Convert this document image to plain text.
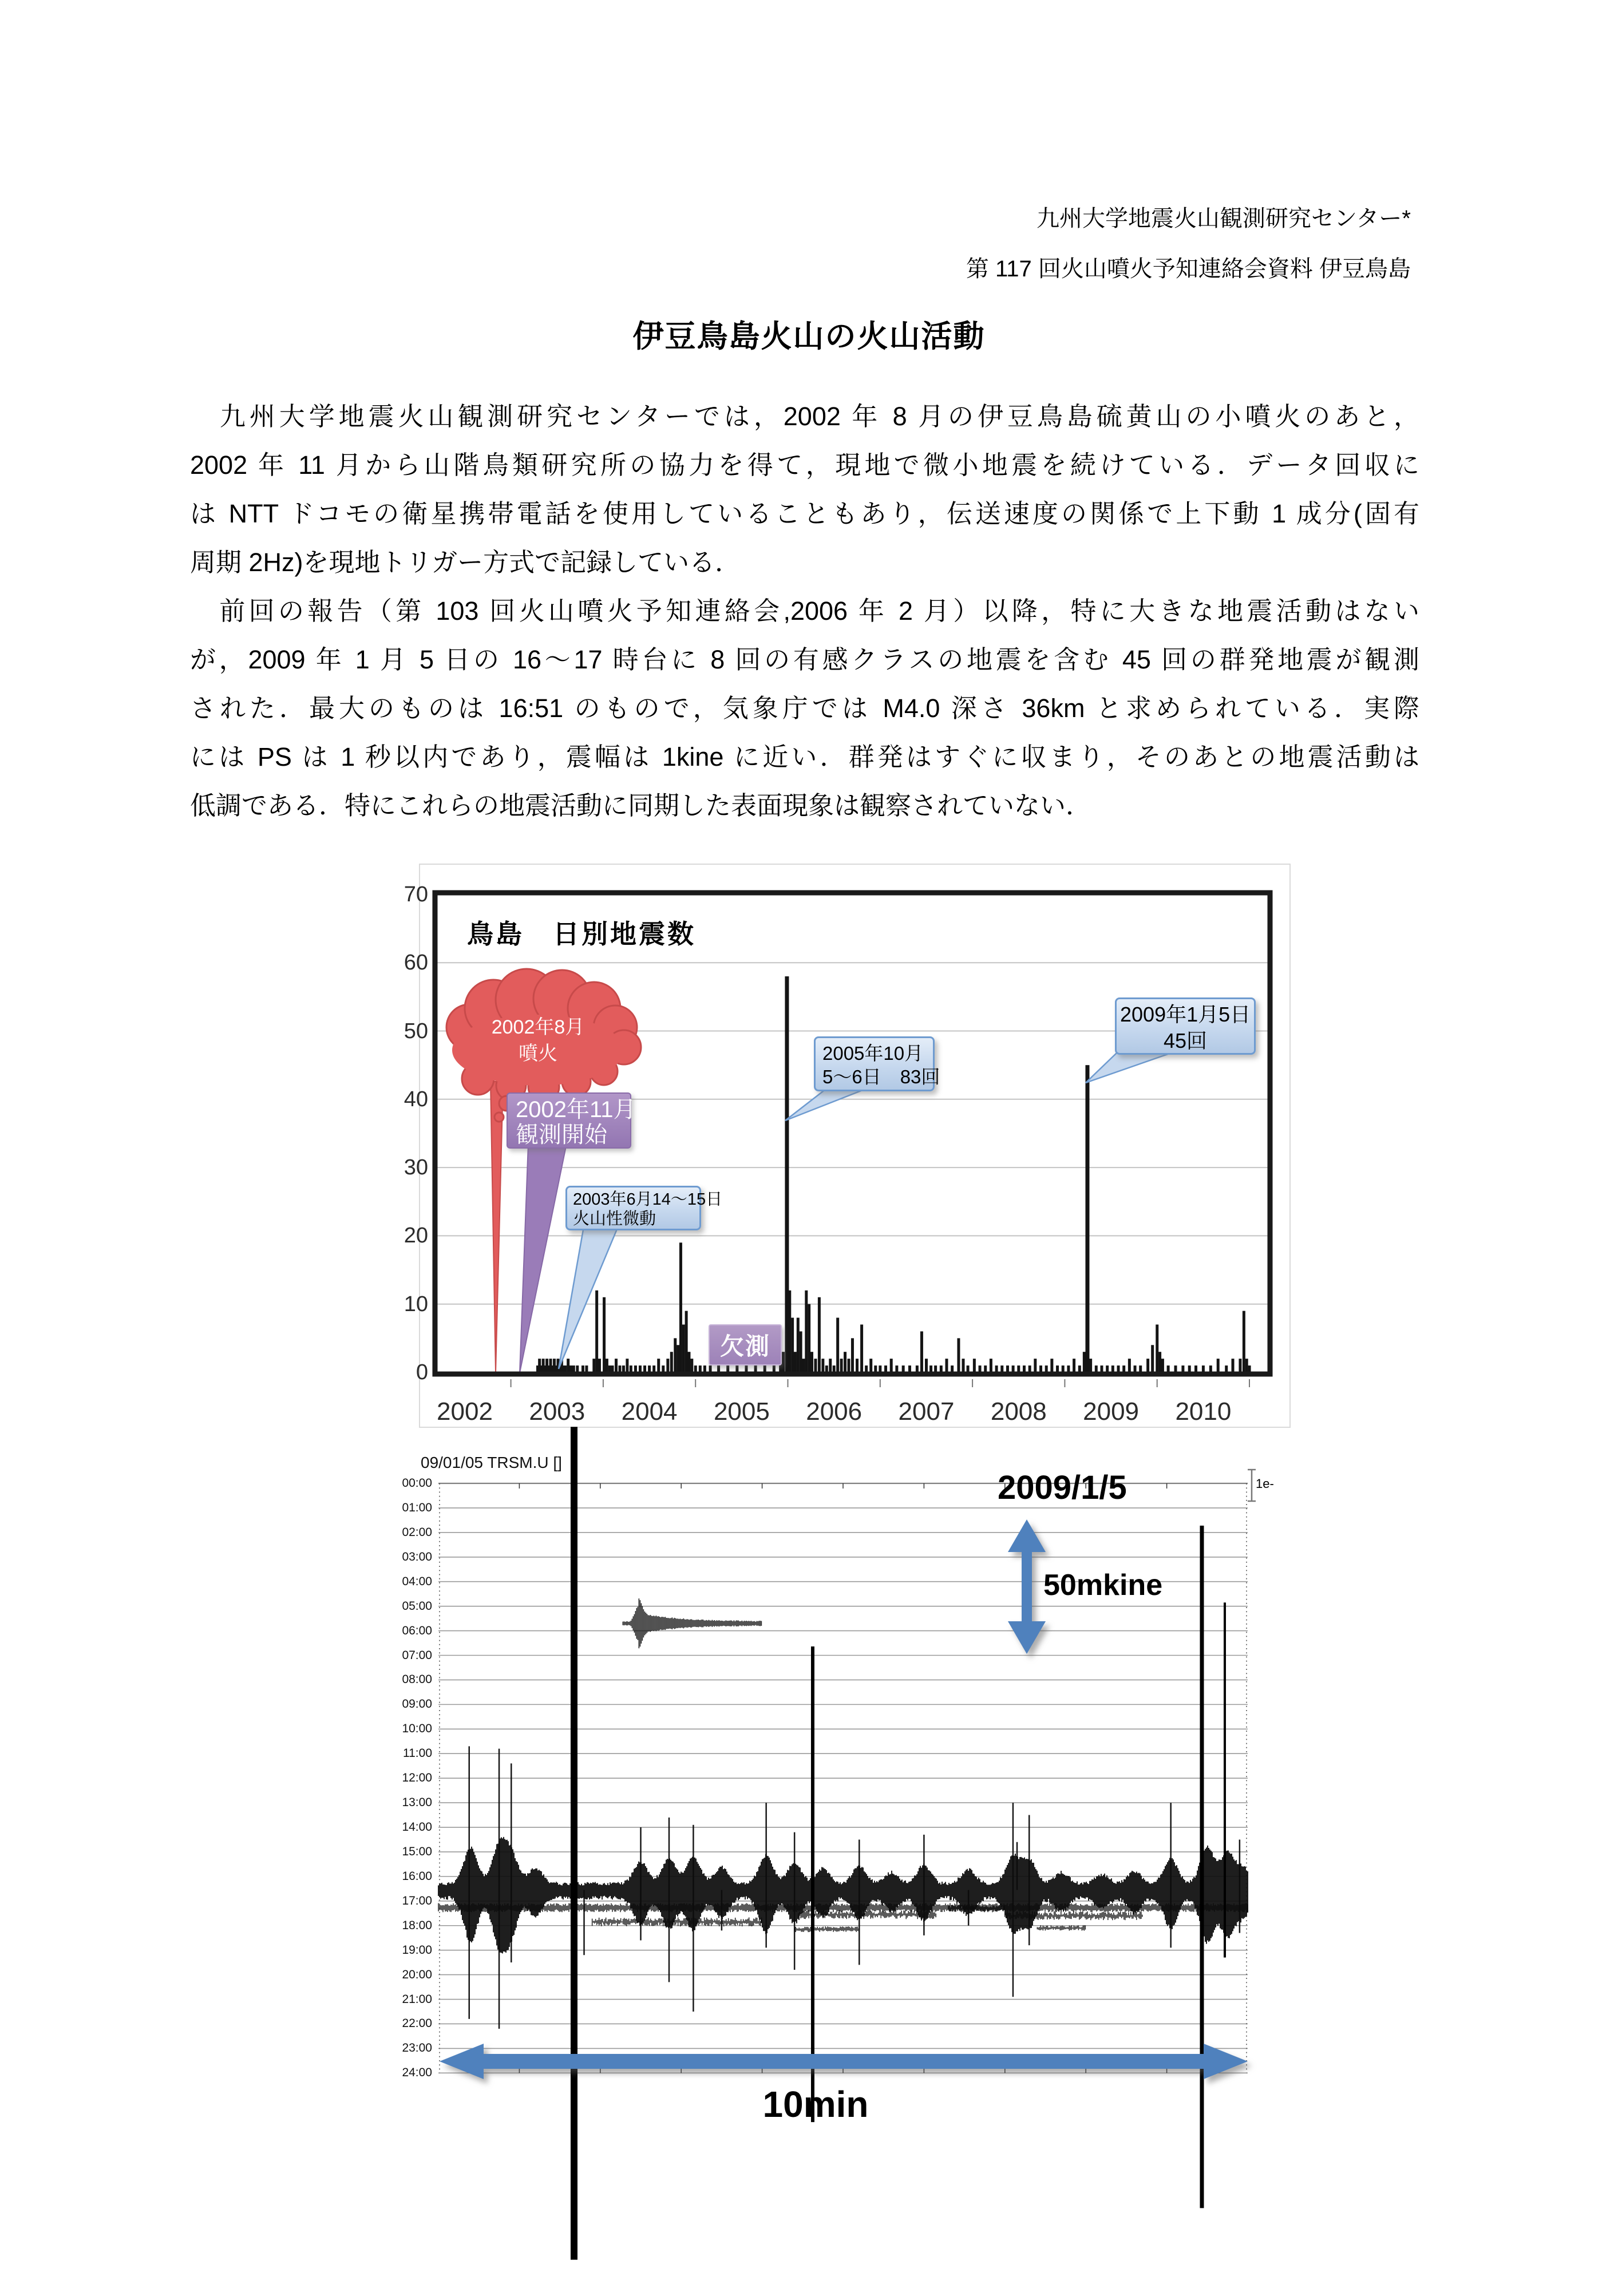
九州大学地震火山観測研究センター*
第 117 回火山噴火予知連絡会資料 伊豆鳥島
伊豆鳥島火山の火山活動
　九州大学地震火山観測研究センターでは，2002 年 8 月の伊豆鳥島硫黄山の小噴火のあと，
2002 年 11 月から山階鳥類研究所の協力を得て，現地で微小地震を続けている．データ回収に
は NTT ドコモの衛星携帯電話を使用していることもあり，伝送速度の関係で上下動 1 成分(固有
周期 2Hz)を現地トリガー方式で記録している．
　前回の報告（第 103 回火山噴火予知連絡会,2006 年 2 月）以降，特に大きな地震活動はない
が，2009 年 1 月 5 日の 16〜17 時台に 8 回の有感クラスの地震を含む 45 回の群発地震が観測
された．最大のものは 16:51 のもので，気象庁では M4.0 深さ 36km と求められている．実際
には PS は 1 秒以内であり，震幅は 1kine に近い．群発はすぐに収まり，そのあとの地震活動は
低調である．特にこれらの地震活動に同期した表面現象は観察されていない．
鳥島　日別地震数
09/01/05 TRSM.U []
2009/1/5
50mkine
10min
1e-
0
10
20
30
40
50
60
70
2002	2003	2004	2005	2006	2007	2008	2009	2010
2002年8月
噴火
2002年11月
観測開始
2003年6月14〜15日
火山性微動
2005年10月
5〜6日　83回
2009年1月5日
45回
欠測
00:00
01:00
02:00
03:00
04:00
05:00
06:00
07:00
08:00
09:00
10:00
11:00
12:00
13:00
14:00
15:00
16:00
17:00
18:00
19:00
20:00
21:00
22:00
23:00
24:00
